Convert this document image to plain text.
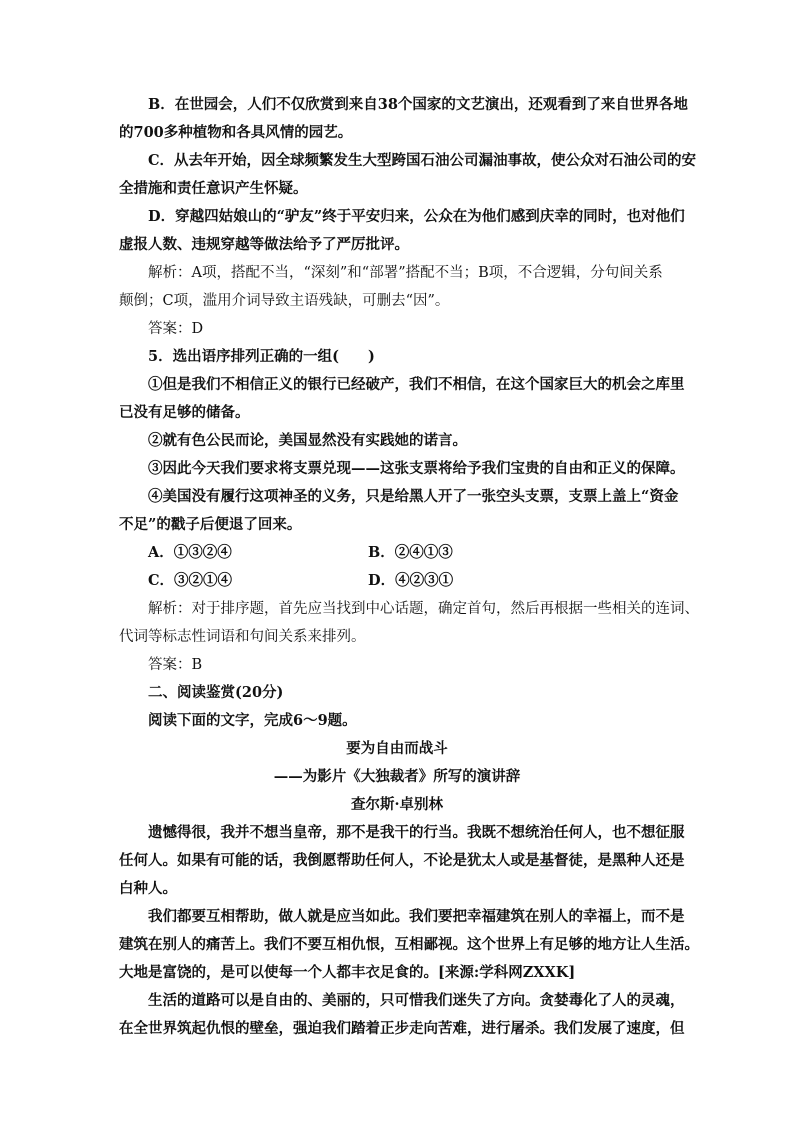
B．在世园会，人们不仅欣赏到来自38个国家的文艺演出，还观看到了来自世界各地
的700多种植物和各具风情的园艺。
C．从去年开始，因全球频繁发生大型跨国石油公司漏油事故，使公众对石油公司的安
全措施和责任意识产生怀疑。
D．穿越四姑娘山的“驴友”终于平安归来，公众在为他们感到庆幸的同时，也对他们
虚报人数、违规穿越等做法给予了严厉批评。
解析：A项，搭配不当，“深刻”和“部署”搭配不当；B项，不合逻辑，分句间关系
颠倒；C项，滥用介词导致主语残缺，可删去“因”。
答案：D
5．选出语序排列正确的一组(　　)
①但是我们不相信正义的银行已经破产，我们不相信，在这个国家巨大的机会之库里
已没有足够的储备。
②就有色公民而论，美国显然没有实践她的诺言。
③因此今天我们要求将支票兑现——这张支票将给予我们宝贵的自由和正义的保障。
④美国没有履行这项神圣的义务，只是给黑人开了一张空头支票，支票上盖上“资金
不足”的戳子后便退了回来。
A．①③②④	B．②④①③
C．③②①④	D．④②③①
解析：对于排序题，首先应当找到中心话题，确定首句，然后再根据一些相关的连词、
代词等标志性词语和句间关系来排列。
答案：B
二、阅读鉴赏(20分)
阅读下面的文字，完成6～9题。
要为自由而战斗
——为影片《大独裁者》所写的演讲辞
查尔斯·卓别林
遗憾得很，我并不想当皇帝，那不是我干的行当。我既不想统治任何人，也不想征服
任何人。如果有可能的话，我倒愿帮助任何人，不论是犹太人或是基督徒，是黑种人还是
白种人。
我们都要互相帮助，做人就是应当如此。我们要把幸福建筑在别人的幸福上，而不是
建筑在别人的痛苦上。我们不要互相仇恨，互相鄙视。这个世界上有足够的地方让人生活。
大地是富饶的，是可以使每一个人都丰衣足食的。[来源:学科网ZXXK]
生活的道路可以是自由的、美丽的，只可惜我们迷失了方向。贪婪毒化了人的灵魂，
在全世界筑起仇恨的壁垒，强迫我们踏着正步走向苦难，进行屠杀。我们发展了速度，但
